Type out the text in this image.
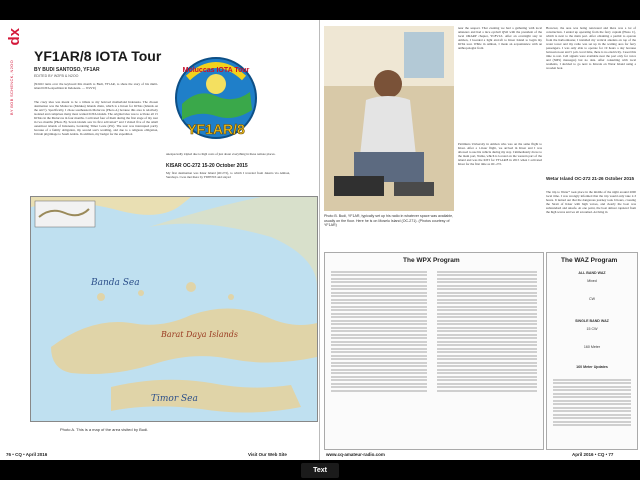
dx
BY BOB SCHENCK, N2OO
YF1AR/8 IOTA Tour
BY BUDI SANTOSO, YF1AR
EDITED BY W2FB & N2OO
(N2OO turns over the keyboard this month to Budi, YF1AR, to share the story of his multi-island IOTA expedition in Indonesia. — W2VU)
The crazy idea was meant to be a tribute to my beloved motherland Indonesia. The chosen destination was the Moluccas (Maluku) Islands chain, which is a haven for IOTAs (Islands on the Air®). Specifically, I chose southeastern Moluccas (Photo A) because this area is relatively isolated and comprises many most wanted IOTA islands. The original idea was to activate all 15 IOTAs in the Moluccas in four months. I activated four of them during the first stage of my tour in two months (Photo B). Seven islands saw its first activation* and I visited five of the small outermost islands of Indonesia, bordering Timor Leste (4W). The tour was interrupted partly because of a family obligation, my second son's wedding, and due to a religious obligation, Umroh pilgrimage to Saudi Arabia. In addition, my budget for the expedition
Moluccas IOTA Tour
YF1AR/8
unexpectedly tripled due to high costs of just about everything in these remote places.
KISAR OC-272 15-20 October 2015
My first destination was Kisar Island (OC272), to which I traveled from Jakarta via Ambon, Surabaya. I was met there by YD8VNZ and stayed
Banda Sea
Barat Daya Islands
Timor Sea
Photo A. This is a map of the area visited by Budi.
76 • CQ • April 2016	Visit Our Web Site
Photo B. Budi, YF1AR, typically set up his radio in whatever space was available, usually on the floor. Here he is on Moselu Island (OC-271). (Photos courtesy of YF1AR)
However, the area was being renovated and there was a lot of construction. I ended up operating from the ferry captain (Photo C), which is next to the main port. After obtaining a permit to operate from the harbormaster, I installed my vertical antenna on top of the water tower and my radio was set up in the waiting area for ferry passengers. I was only able to operate for 19 hours a day because between noon and 5 p.m. local time, there is no electricity. I used this time to rest. Cell signals were available near the port only for voice and (SMS) messages) but no data. After consulting with local residents, I decided to go next to Kiwala on Wetar Island using a wooden boat.
Wetar Island OC-272 21-26 October 2015
The trip to Wetar* took place in the middle of the night around 2000 local time. I was wrongly informed that the trip would only take 2-3 hours. It turned out that the dangerous journey took 6 hours, crossing the Strait of Kisar with high waves, and clearly the boat was substandard and unsafe. At one point, the boat almost capsized from the high waves and we all screamed. Arriving in
The WPX Program	The WAZ Program
ALL BAND WAZ
Mixed
CW
SINGLE BAND WAZ
15 CW
160 Meter
160 Meter Updates
www.cq-amateur-radio.com	April 2016 • CQ • 77
near the seaport. That evening we had a gathering with local amateurs and had a nice eyeball QSO with the president of the local ORARP chapter, YC8VLZ. After an overnight stay in Ambon, I boarded a light aircraft to Kisar Island to begin my IOTA tour. While in Ambon, I made an acquaintance with an anthropologist from
Pattimura University in Ambon who was on the same flight to Kisar. After a 1-hour flight, we arrived in Kisar and I was allowed to use his vehicle during my stay. I immediately drove to the main port, Nama, which is located on the western part of the island and was the IOTI for YF1AR/8 in 2015 when I activated Kisar for the first time as OC-272.
Text
